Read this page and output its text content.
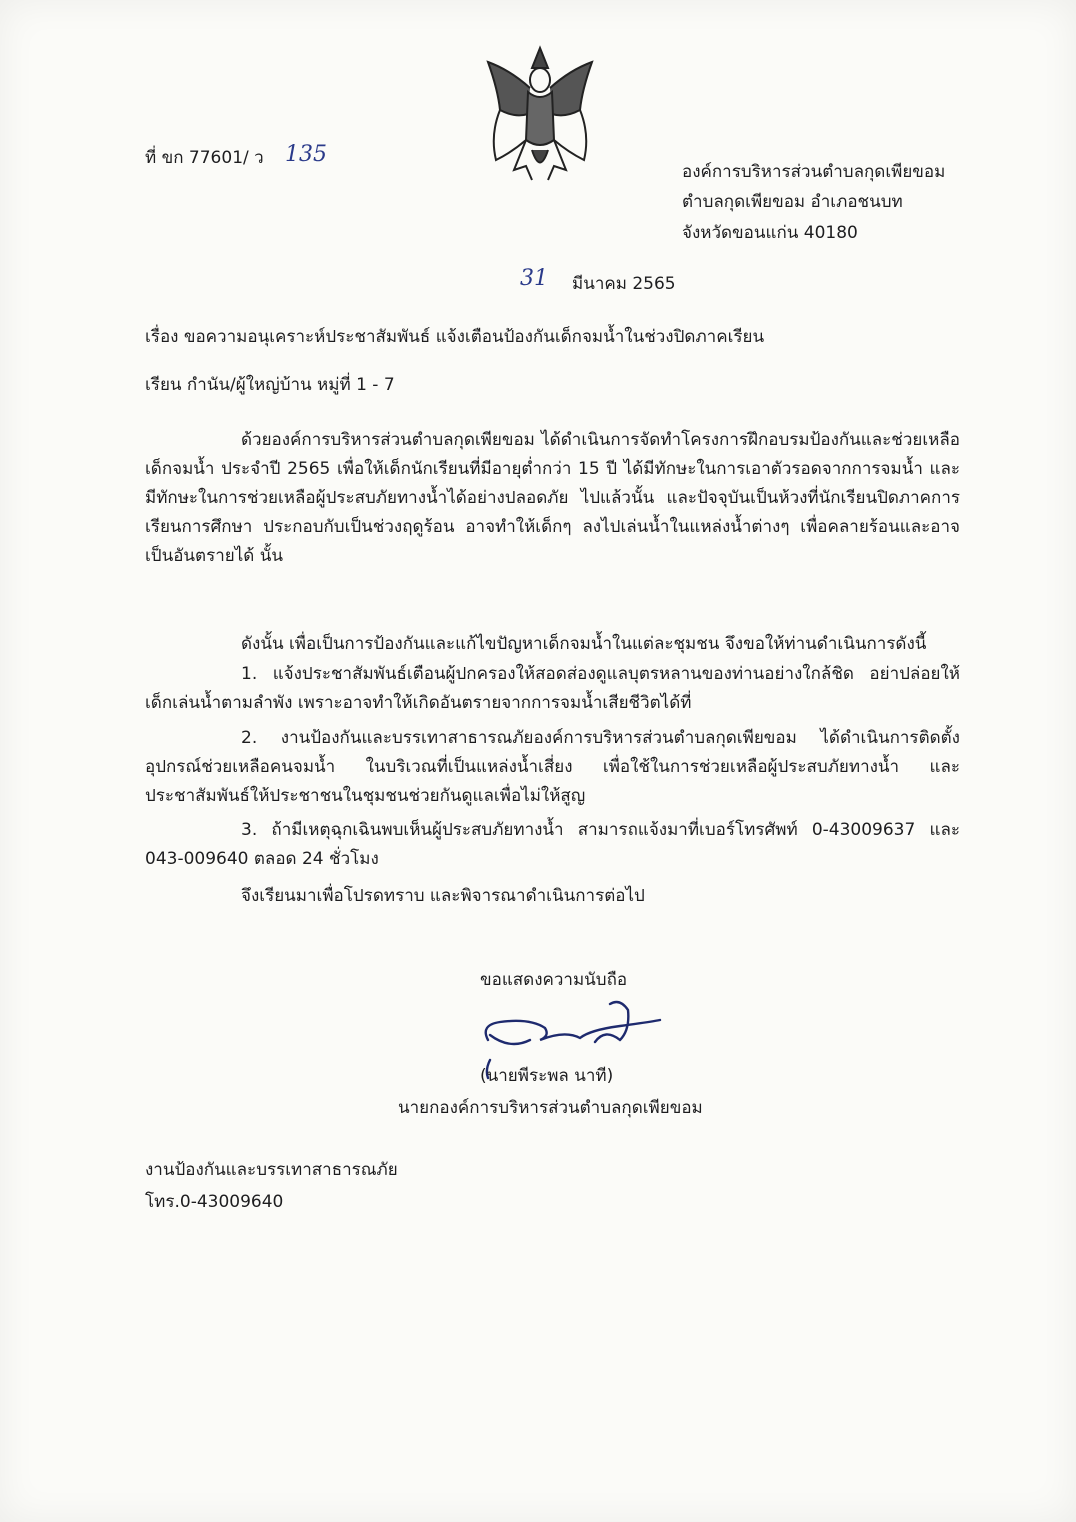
ที่ ขก 77601/ ว 135
องค์การบริหารส่วนตำบลกุดเพียขอม
ตำบลกุดเพียขอม อำเภอชนบท
จังหวัดขอนแก่น 40180
31 มีนาคม 2565
เรื่อง ขอความอนุเคราะห์ประชาสัมพันธ์ แจ้งเตือนป้องกันเด็กจมน้ำในช่วงปิดภาคเรียน
เรียน กำนัน/ผู้ใหญ่บ้าน หมู่ที่ 1 - 7
ด้วยองค์การบริหารส่วนตำบลกุดเพียขอม ได้ดำเนินการจัดทำโครงการฝึกอบรมป้องกันและช่วยเหลือเด็กจมน้ำ ประจำปี 2565 เพื่อให้เด็กนักเรียนที่มีอายุต่ำกว่า 15 ปี ได้มีทักษะในการเอาตัวรอดจากการจมน้ำ และมีทักษะในการช่วยเหลือผู้ประสบภัยทางน้ำได้อย่างปลอดภัย ไปแล้วนั้น และปัจจุบันเป็นห้วงที่นักเรียนปิดภาคการเรียนการศึกษา ประกอบกับเป็นช่วงฤดูร้อน อาจทำให้เด็กๆ ลงไปเล่นน้ำในแหล่งน้ำต่างๆ เพื่อคลายร้อนและอาจเป็นอันตรายได้ นั้น
ดังนั้น เพื่อเป็นการป้องกันและแก้ไขปัญหาเด็กจมน้ำในแต่ละชุมชน จึงขอให้ท่านดำเนินการดังนี้
1. แจ้งประชาสัมพันธ์เตือนผู้ปกครองให้สอดส่องดูแลบุตรหลานของท่านอย่างใกล้ชิด อย่าปล่อยให้เด็กเล่นน้ำตามลำพัง เพราะอาจทำให้เกิดอันตรายจากการจมน้ำเสียชีวิตได้ที่
2. งานป้องกันและบรรเทาสาธารณภัยองค์การบริหารส่วนตำบลกุดเพียขอม ได้ดำเนินการติดตั้งอุปกรณ์ช่วยเหลือคนจมน้ำ ในบริเวณที่เป็นแหล่งน้ำเสี่ยง เพื่อใช้ในการช่วยเหลือผู้ประสบภัยทางน้ำ และประชาสัมพันธ์ให้ประชาชนในชุมชนช่วยกันดูแลเพื่อไม่ให้สูญ
3. ถ้ามีเหตุฉุกเฉินพบเห็นผู้ประสบภัยทางน้ำ สามารถแจ้งมาที่เบอร์โทรศัพท์ 0-43009637 และ 043-009640 ตลอด 24 ชั่วโมง
จึงเรียนมาเพื่อโปรดทราบ และพิจารณาดำเนินการต่อไป
ขอแสดงความนับถือ
(นายพีระพล นาที)
นายกองค์การบริหารส่วนตำบลกุดเพียขอม
งานป้องกันและบรรเทาสาธารณภัย
โทร.0-43009640
